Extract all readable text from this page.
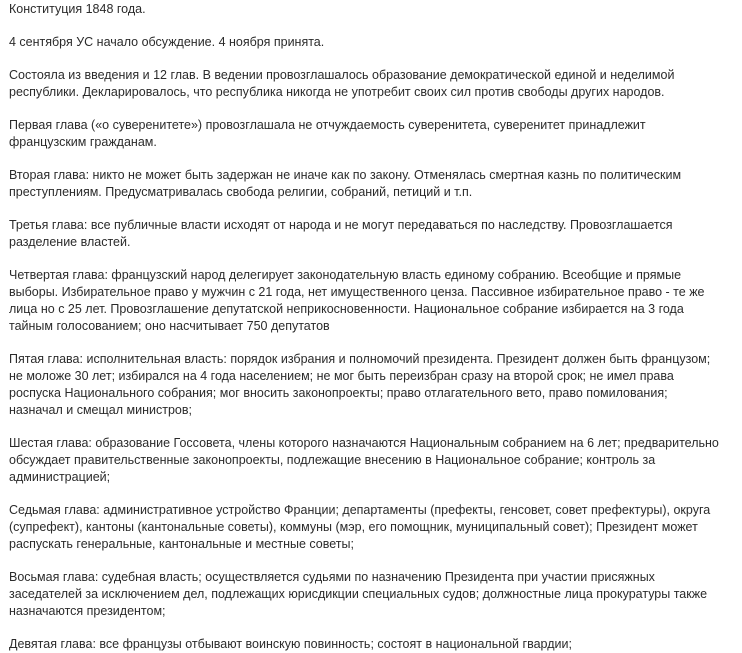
Конституция 1848 года.

4 сентября УС начало обсуждение. 4 ноября принята.

Состояла из введения и 12 глав. В ведении провозглашалось образование демократической единой и неделимой республики. Декларировалось, что республика никогда не употребит своих сил против свободы других народов.

Первая глава («о суверенитете») провозглашала не отчуждаемость суверенитета, суверенитет принадлежит французским гражданам.

Вторая глава: никто не может быть задержан не иначе как по закону. Отменялась смертная казнь по политическим преступлениям. Предусматривалась свобода религии, собраний, петиций и т.п.

Третья глава: все публичные власти исходят от народа и не могут передаваться по наследству. Провозглашается разделение властей.

Четвертая глава: французский народ делегирует законодательную власть единому собранию. Всеобщие и прямые выборы. Избирательное право у мужчин с 21 года, нет имущественного ценза. Пассивное избирательное право - те же лица но с 25 лет. Провозглашение депутатской неприкосновенности. Национальное собрание избирается на 3 года тайным голосованием; оно насчитывает 750 депутатов

Пятая глава: исполнительная власть: порядок избрания и полномочий президента. Президент должен быть французом; не моложе 30 лет; избирался на 4 года населением; не мог быть переизбран сразу на второй срок; не имел права роспуска Национального собрания; мог вносить законопроекты; право отлагательного вето, право помилования; назначал и смещал министров;

Шестая глава: образование Госсовета, члены которого назначаются Национальным собранием на 6 лет; предварительно обсуждает правительственные законопроекты, подлежащие внесению в Национальное собрание; контроль за администрацией;

Седьмая глава: административное устройство Франции; департаменты (префекты, генсовет, совет префектуры), округа (супрефект), кантоны (кантональные советы), коммуны (мэр, его помощник, муниципальный совет); Президент может распускать генеральные, кантональные и местные советы;

Восьмая глава: судебная власть; осуществляется судьями по назначению Президента при участии присяжных заседателей за исключением дел, подлежащих юрисдикции специальных судов; должностные лица прокуратуры также назначаются президентом;

Девятая глава: все французы отбывают воинскую повинность; состоят в национальной гвардии;
